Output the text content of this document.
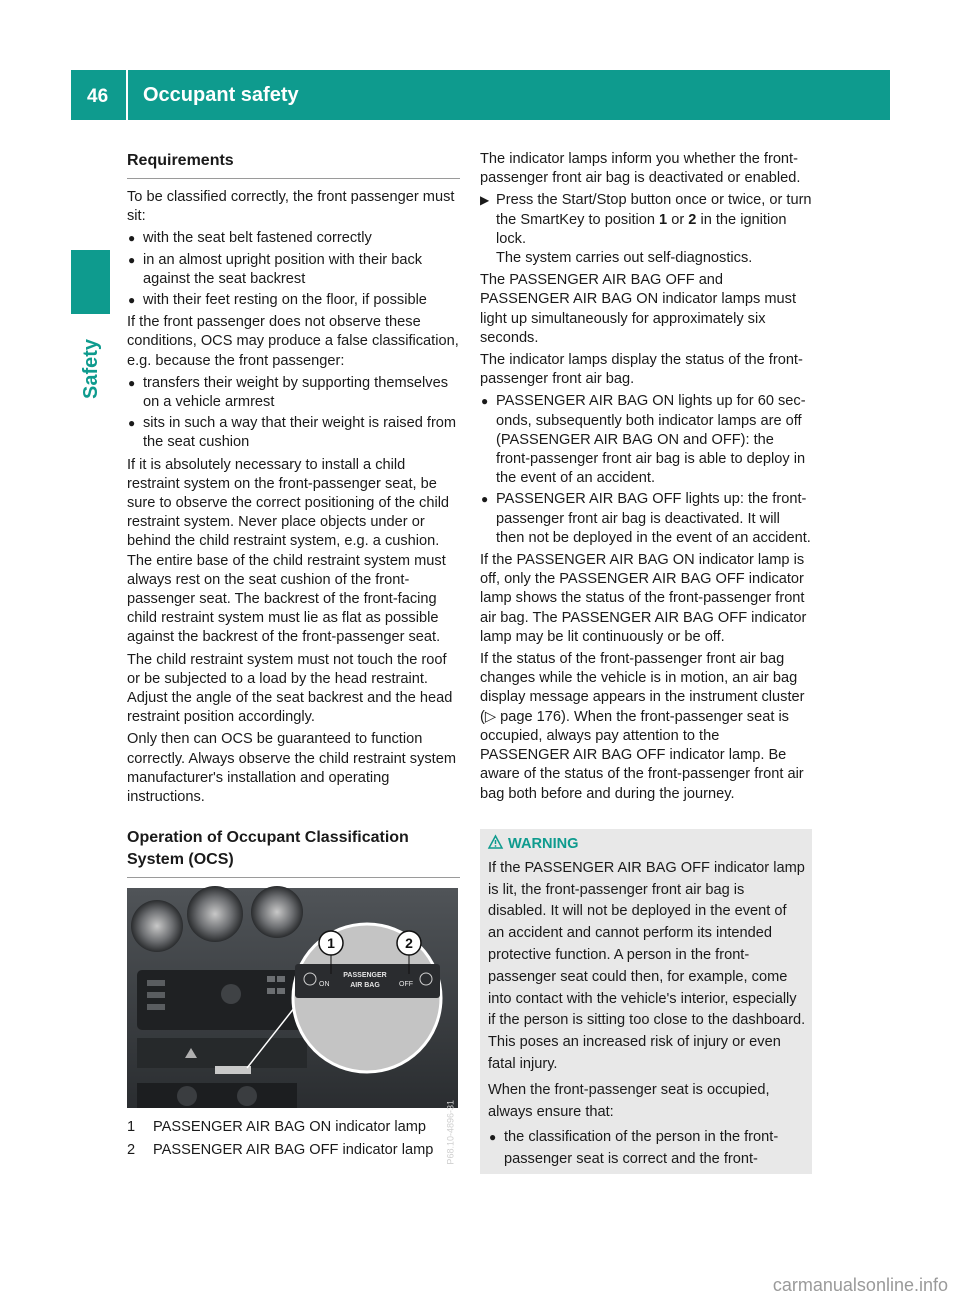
46 Occupant safety
Safety
Requirements

To be classified correctly, the front passenger must sit:

● with the seat belt fastened correctly
● in an almost upright position with their back against the seat backrest
● with their feet resting on the floor, if possible

If the front passenger does not observe these conditions, OCS may produce a false classification, e.g. because the front passenger:

● transfers their weight by supporting themselves on a vehicle armrest
● sits in such a way that their weight is raised from the seat cushion

If it is absolutely necessary to install a child restraint system on the front-passenger seat, be sure to observe the correct positioning of the child restraint system. Never place objects under or behind the child restraint system, e.g. a cushion. The entire base of the child restraint system must always rest on the seat cushion of the front-passenger seat. The backrest of the front-facing child restraint system must lie as flat as possible against the backrest of the front-passenger seat.

The child restraint system must not touch the roof or be subjected to a load by the head restraint. Adjust the angle of the seat backrest and the head restraint position accordingly.

Only then can OCS be guaranteed to function correctly. Always observe the child restraint system manufacturer's installation and operating instructions.

Operation of Occupant Classification System (OCS)
1	2
ON
PASSENGER
AIR BAG	OFF
P68.10-4896-31
1 PASSENGER AIR BAG ON indicator lamp
2 PASSENGER AIR BAG OFF indicator lamp

The indicator lamps inform you whether the front-passenger front air bag is deactivated or enabled.

▶ Press the Start/Stop button once or twice, or turn the SmartKey to position 1 or 2 in the ignition lock.
The system carries out self-diagnostics.

The PASSENGER AIR BAG OFF and PASSENGER AIR BAG ON indicator lamps must light up simultaneously for approximately six seconds.

The indicator lamps display the status of the front-passenger front air bag.

● PASSENGER AIR BAG ON lights up for 60 seconds, subsequently both indicator lamps are off (PASSENGER AIR BAG ON and OFF): the front-passenger front air bag is able to deploy in the event of an accident.
● PASSENGER AIR BAG OFF lights up: the front-passenger front air bag is deactivated. It will then not be deployed in the event of an accident.

If the PASSENGER AIR BAG ON indicator lamp is off, only the PASSENGER AIR BAG OFF indicator lamp shows the status of the front-passenger front air bag. The PASSENGER AIR BAG OFF indicator lamp may be lit continuously or be off.

If the status of the front-passenger front air bag changes while the vehicle is in motion, an air bag display message appears in the instrument cluster (▷ page 176). When the front-passenger seat is occupied, always pay attention to the PASSENGER AIR BAG OFF indicator lamp. Be aware of the status of the front-passenger front air bag both before and during the journey.

WARNING

If the PASSENGER AIR BAG OFF indicator lamp is lit, the front-passenger front air bag is disabled. It will not be deployed in the event of an accident and cannot perform its intended protective function. A person in the front-passenger seat could then, for example, come into contact with the vehicle's interior, especially if the person is sitting too close to the dashboard. This poses an increased risk of injury or even fatal injury.

When the front-passenger seat is occupied, always ensure that:

● the classification of the person in the front-passenger seat is correct and the front-
carmanualsonline.info
